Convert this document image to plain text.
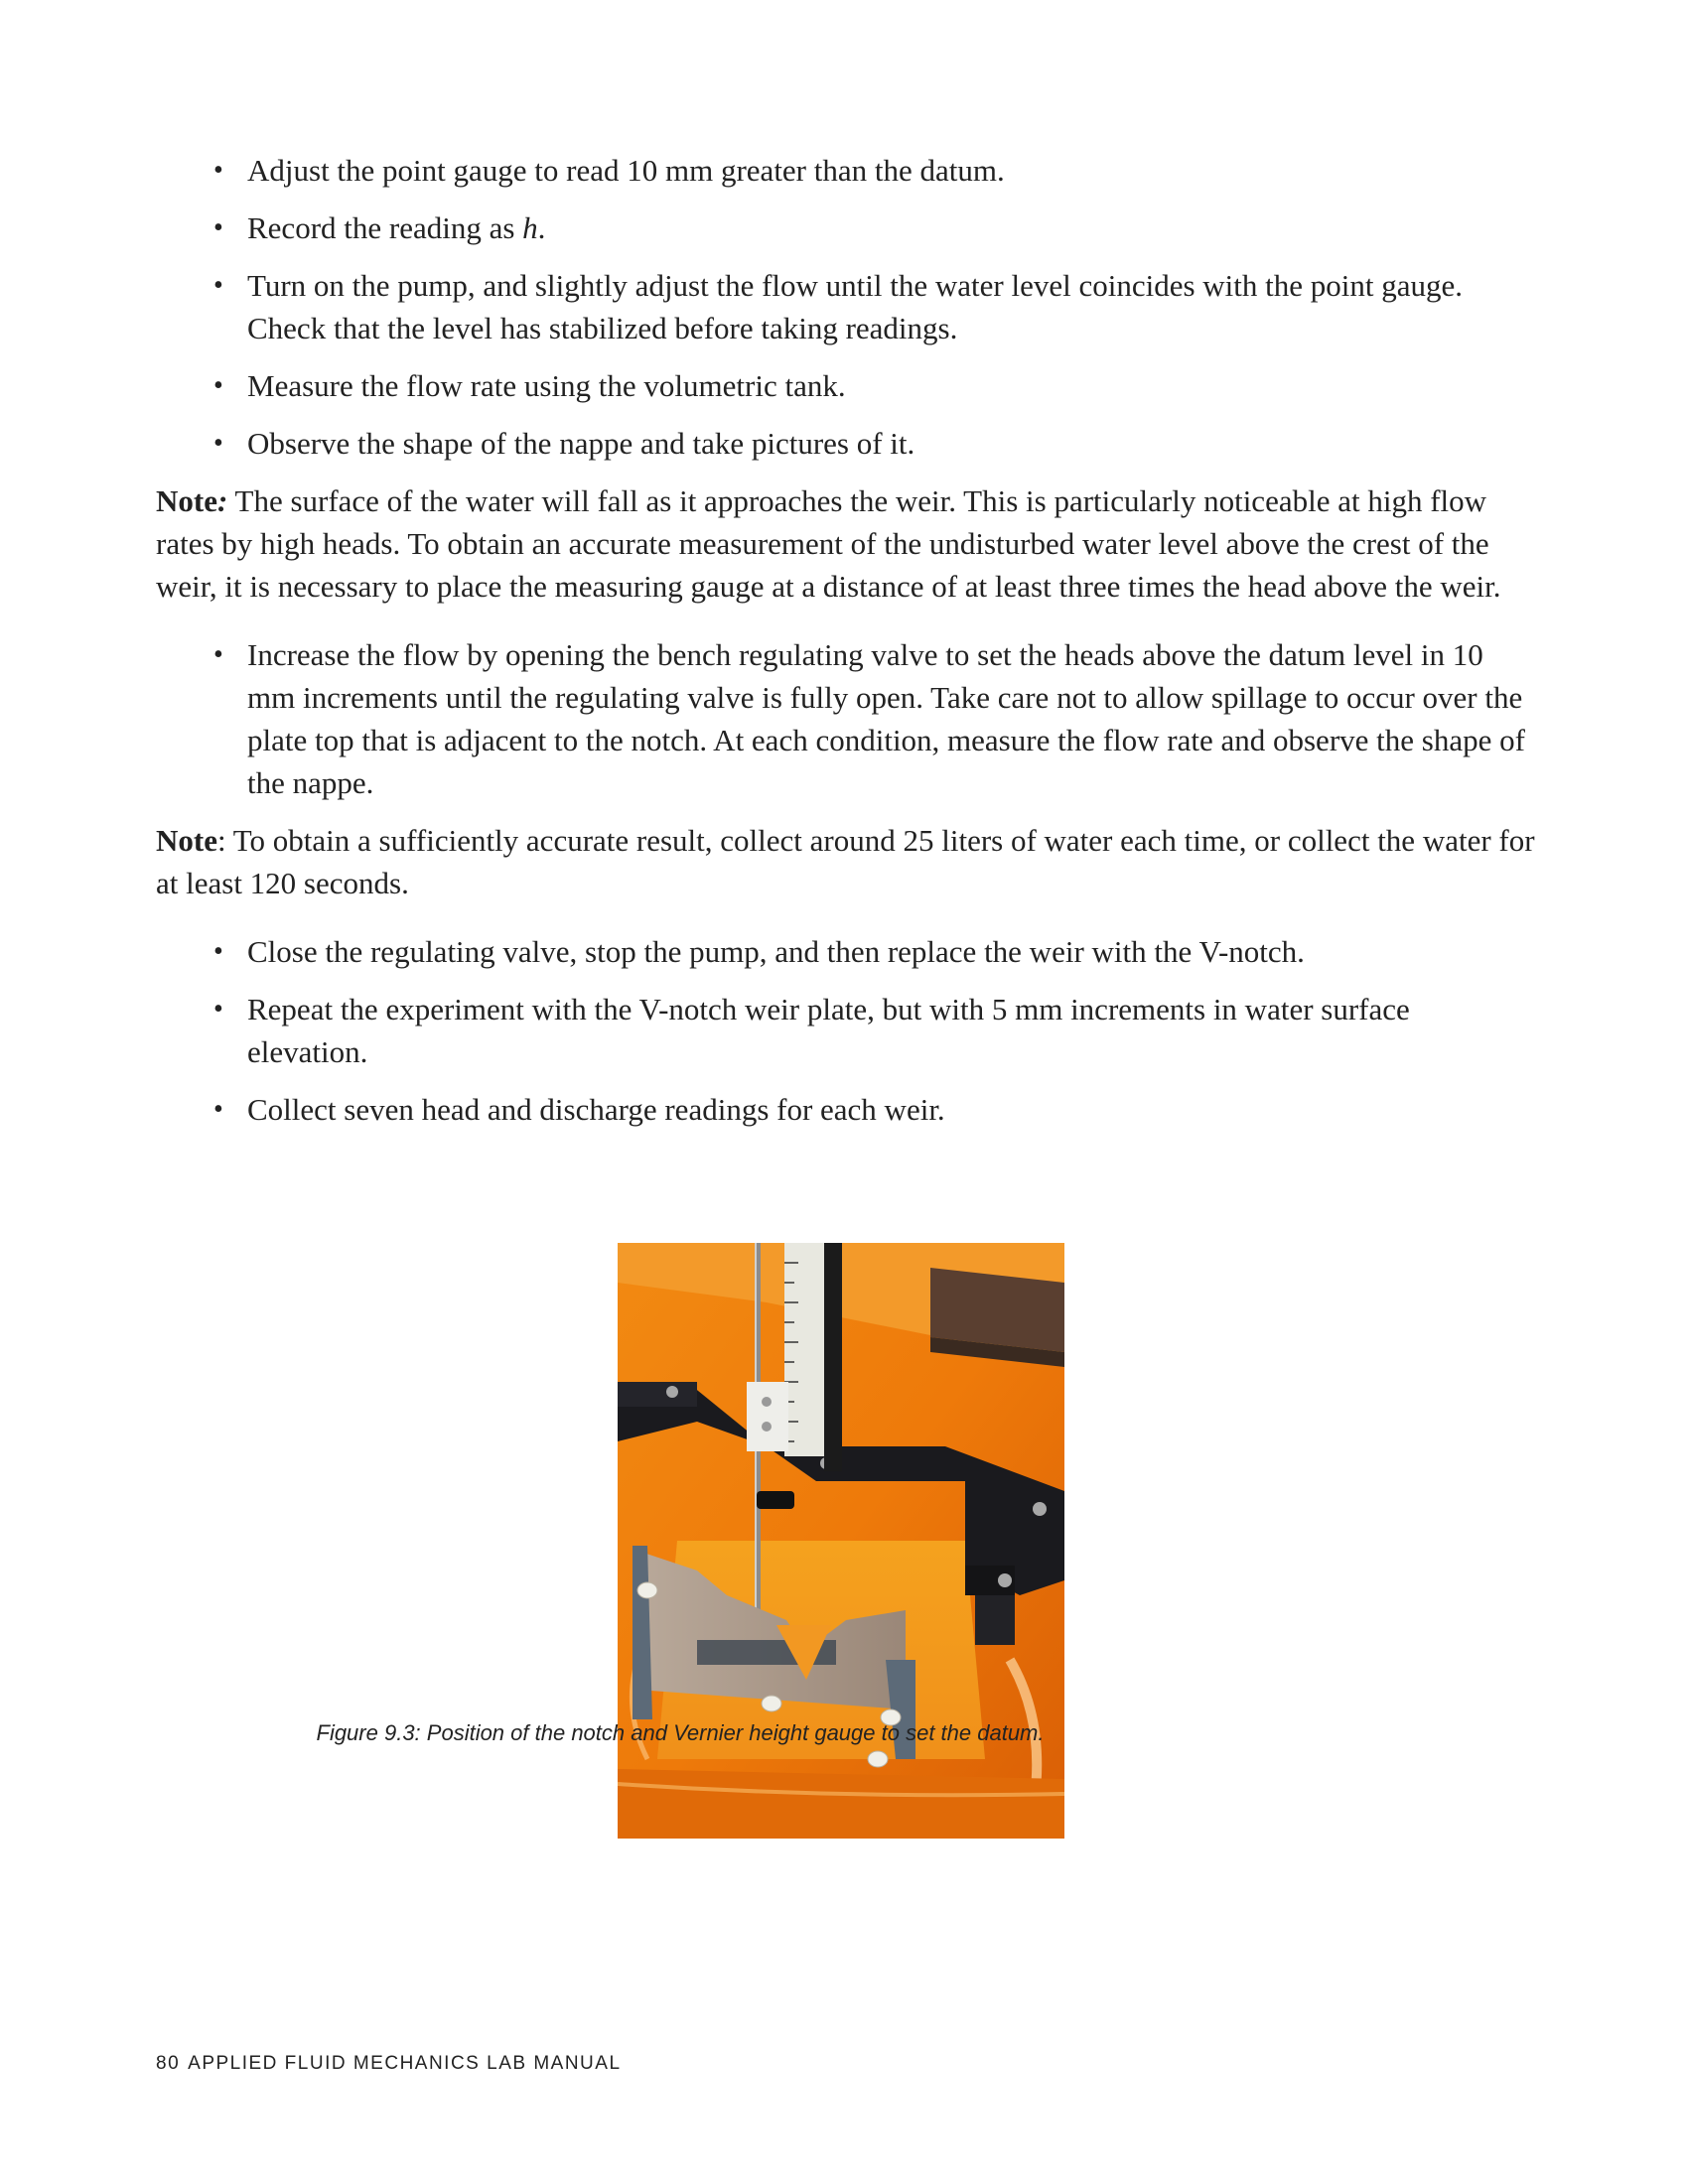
• Adjust the point gauge to read 10 mm greater than the datum.
• Record the reading as h.
• Turn on the pump, and slightly adjust the flow until the water level coincides with the point gauge. Check that the level has stabilized before taking readings.
• Measure the flow rate using the volumetric tank.
• Observe the shape of the nappe and take pictures of it.

Note: The surface of the water will fall as it approaches the weir. This is particularly noticeable at high flow rates by high heads. To obtain an accurate measurement of the undisturbed water level above the crest of the weir, it is necessary to place the measuring gauge at a distance of at least three times the head above the weir.

• Increase the flow by opening the bench regulating valve to set the heads above the datum level in 10 mm increments until the regulating valve is fully open. Take care not to allow spillage to occur over the plate top that is adjacent to the notch. At each condition, measure the flow rate and observe the shape of the nappe.

Note: To obtain a sufficiently accurate result, collect around 25 liters of water each time, or collect the water for at least 120 seconds.

• Close the regulating valve, stop the pump, and then replace the weir with the V-notch.
• Repeat the experiment with the V-notch weir plate, but with 5 mm increments in water surface elevation.
• Collect seven head and discharge readings for each weir.
Figure 9.3: Position of the notch and Vernier height gauge to set the datum.
80 APPLIED FLUID MECHANICS LAB MANUAL
